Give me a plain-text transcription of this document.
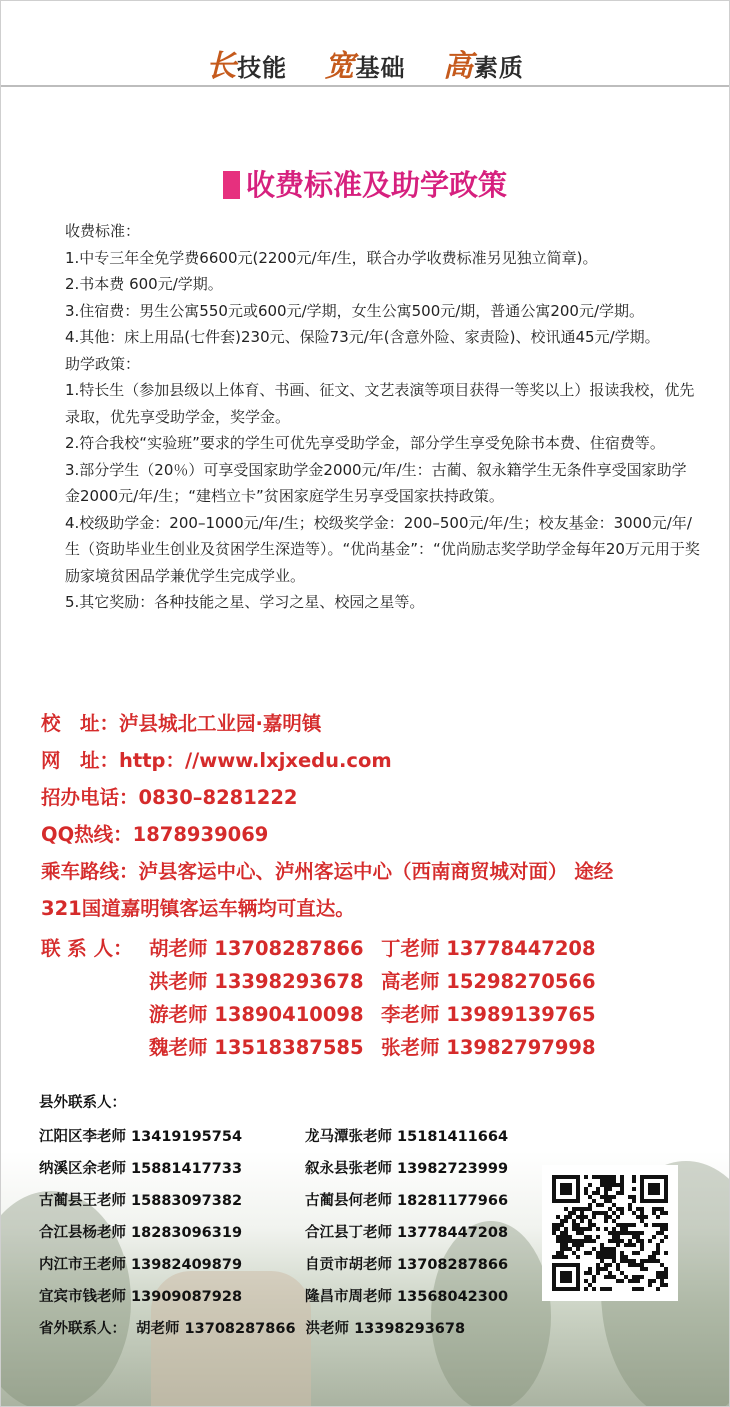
长技能 宽基础 高素质
收费标准及助学政策

收费标准：

1.中专三年全免学费6600元(2200元/年/生，联合办学收费标准另见独立简章)。

2.书本费 600元/学期。

3.住宿费：男生公寓550元或600元/学期，女生公寓500元/期，普通公寓200元/学期。

4.其他：床上用品(七件套)230元、保险73元/年(含意外险、家责险)、校讯通45元/学期。

助学政策：

1.特长生（参加县级以上体育、书画、征文、文艺表演等项目获得一等奖以上）报读我校，优先录取，优先享受助学金，奖学金。

2.符合我校“实验班”要求的学生可优先享受助学金，部分学生享受免除书本费、住宿费等。

3.部分学生（20％）可享受国家助学金2000元/年/生：古蔺、叙永籍学生无条件享受国家助学金2000元/年/生；“建档立卡”贫困家庭学生另享受国家扶持政策。

4.校级助学金：200–1000元/年/生；校级奖学金：200–500元/年/生；校友基金：3000元/年/生（资助毕业生创业及贫困学生深造等）。“优尚基金”：“优尚励志奖学助学金每年20万元用于奖励家境贫困品学兼优学生完成学业。

5.其它奖励：各种技能之星、学习之星、校园之星等。

校　址：泸县城北工业园·嘉明镇
网　址：http：//www.lxjxedu.com
招办电话：0830–8281222
QQ热线：1878939069
乘车路线：泸县客运中心、泸州客运中心（西南商贸城对面） 途经
321国道嘉明镇客运车辆均可直达。
联 系 人： 胡老师 13708287866 丁老师 13778447208
洪老师 13398293678 高老师 15298270566
游老师 13890410098 李老师 13989139765
魏老师 13518387585 张老师 13982797998
县外联系人：
江阳区李老师 13419195754	龙马潭张老师 15181411664
纳溪区余老师 15881417733	叙永县张老师 13982723999
古蔺县王老师 15883097382	古蔺县何老师 18281177966
合江县杨老师 18283096319	合江县丁老师 13778447208
内江市王老师 13982409879	自贡市胡老师 13708287866
宜宾市钱老师 13909087928	隆昌市周老师 13568042300
省外联系人： 胡老师 13708287866 洪老师 13398293678
